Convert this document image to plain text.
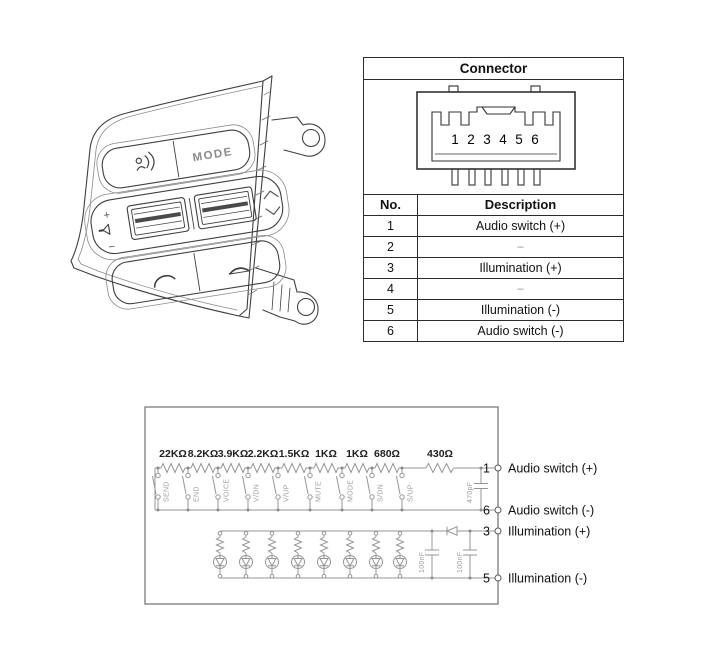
MODE
+
−
Connector
1 2 3 4 5 6
No.	Description
1	Audio switch (+)
2	–
3	Illumination (+)
4	–
5	Illumination (-)
6	Audio switch (-)
22KΩ 8.2KΩ 3.9KΩ 2.2KΩ 1.5KΩ 1KΩ 1KΩ 680Ω	430Ω
SEND	END	VOICE	V/DN	V/UP	MUTE	MODE	S/DN	S/UP	470pF
100nF	100nF
1 Audio switch (+)
6 Audio switch (-)
3 Illumination (+)
5 Illumination (-)
